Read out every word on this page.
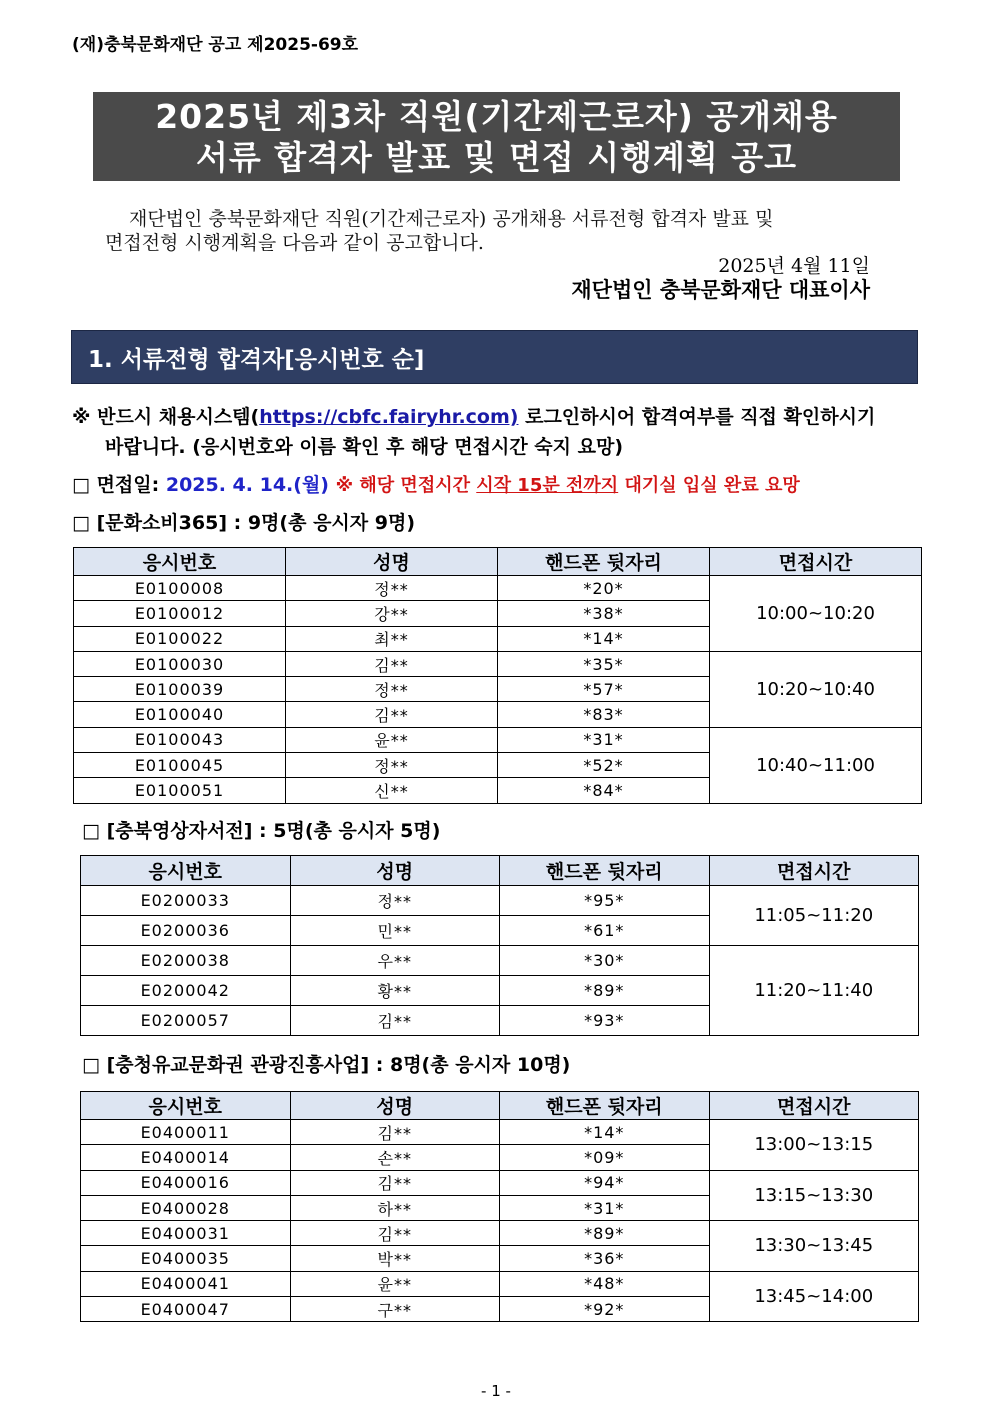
(재)충북문화재단 공고 제2025-69호
2025년 제3차 직원(기간제근로자) 공개채용
서류 합격자 발표 및 면접 시행계획 공고
재단법인 충북문화재단 직원(기간제근로자) 공개채용 서류전형 합격자 발표 및
면접전형 시행계획을 다음과 같이 공고합니다.
2025년 4월 11일
재단법인 충북문화재단 대표이사
1. 서류전형 합격자[응시번호 순]
※ 반드시 채용시스템(https://cbfc.fairyhr.com) 로그인하시어 합격여부를 직접 확인하시기
바랍니다. (응시번호와 이름 확인 후 해당 면접시간 숙지 요망)
□ 면접일: 2025. 4. 14.(월) ※ 해당 면접시간 시작 15분 전까지 대기실 입실 완료 요망
□ [문화소비365] : 9명(총 응시자 9명)
응시번호	성명	핸드폰 뒷자리	면접시간
E0100008	정**	*20*	10:00~10:20
E0100012	강**	*38*	
E0100022	최**	*14*	
E0100030	김**	*35*	10:20~10:40
E0100039	정**	*57*	
E0100040	김**	*83*	
E0100043	윤**	*31*	10:40~11:00
E0100045	정**	*52*	
E0100051	신**	*84*	
□ [충북영상자서전] : 5명(총 응시자 5명)
응시번호	성명	핸드폰 뒷자리	면접시간
E0200033	정**	*95*	11:05~11:20
E0200036	민**	*61*	
E0200038	우**	*30*	11:20~11:40
E0200042	황**	*89*	
E0200057	김**	*93*	
□ [충청유교문화권 관광진흥사업] : 8명(총 응시자 10명)
응시번호	성명	핸드폰 뒷자리	면접시간
E0400011	김**	*14*	13:00~13:15
E0400014	손**	*09*	
E0400016	김**	*94*	13:15~13:30
E0400028	하**	*31*	
E0400031	김**	*89*	13:30~13:45
E0400035	박**	*36*	
E0400041	윤**	*48*	13:45~14:00
E0400047	구**	*92*	
- 1 -
